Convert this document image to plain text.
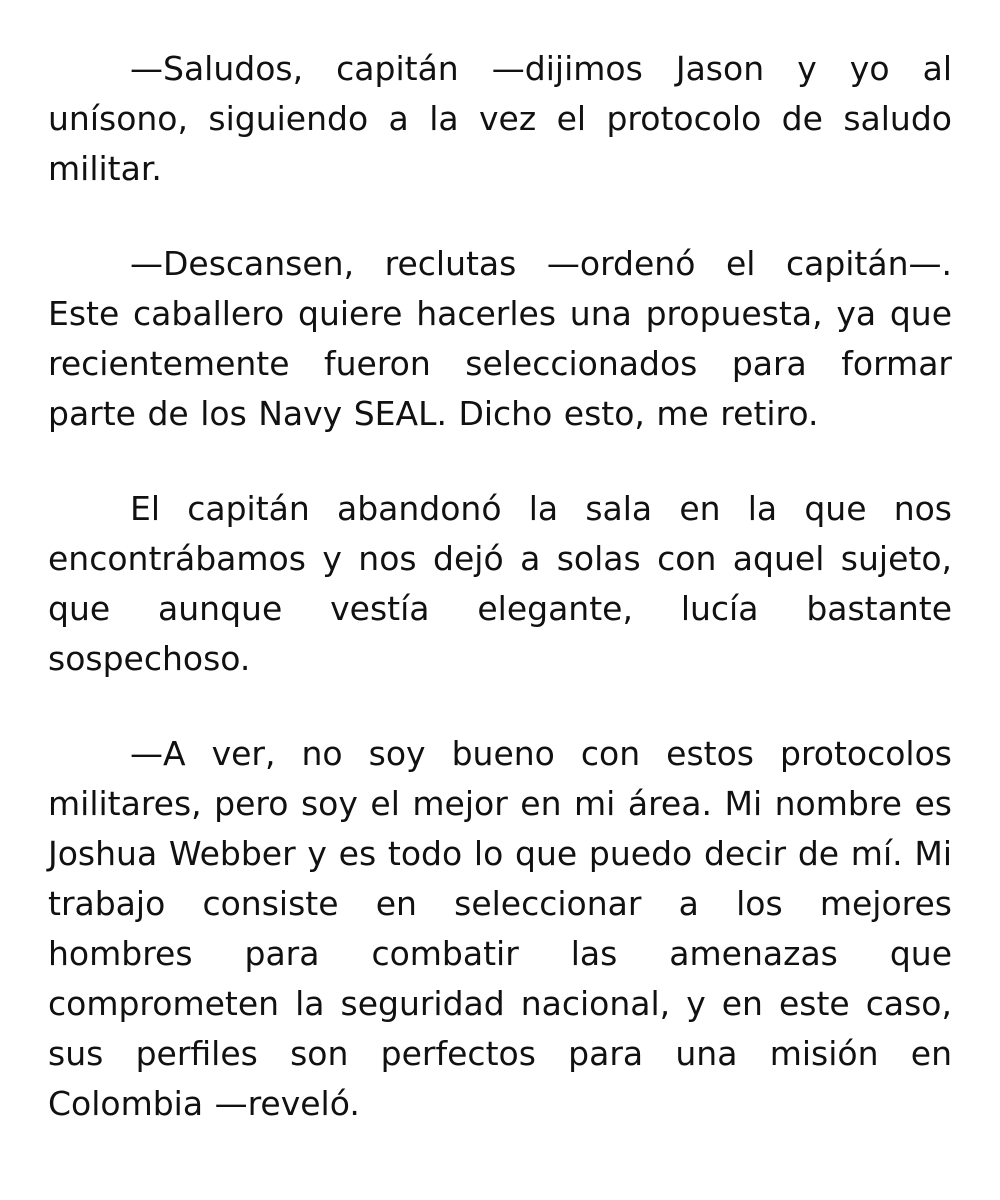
—Saludos, capitán —dijimos Jason y yo al unísono, siguiendo a la vez el protocolo de saludo militar.

—Descansen, reclutas —ordenó el capitán—. Este caballero quiere hacerles una propuesta, ya que recientemente fueron seleccionados para formar parte de los Navy SEAL. Dicho esto, me retiro.

El capitán abandonó la sala en la que nos encontrábamos y nos dejó a solas con aquel sujeto, que aunque vestía elegante, lucía bastante sospechoso.

—A ver, no soy bueno con estos protocolos militares, pero soy el mejor en mi área. Mi nombre es Joshua Webber y es todo lo que puedo decir de mí. Mi trabajo consiste en seleccionar a los mejores hombres para combatir las amenazas que comprometen la seguridad nacional, y en este caso, sus perfiles son perfectos para una misión en Colombia —reveló.
